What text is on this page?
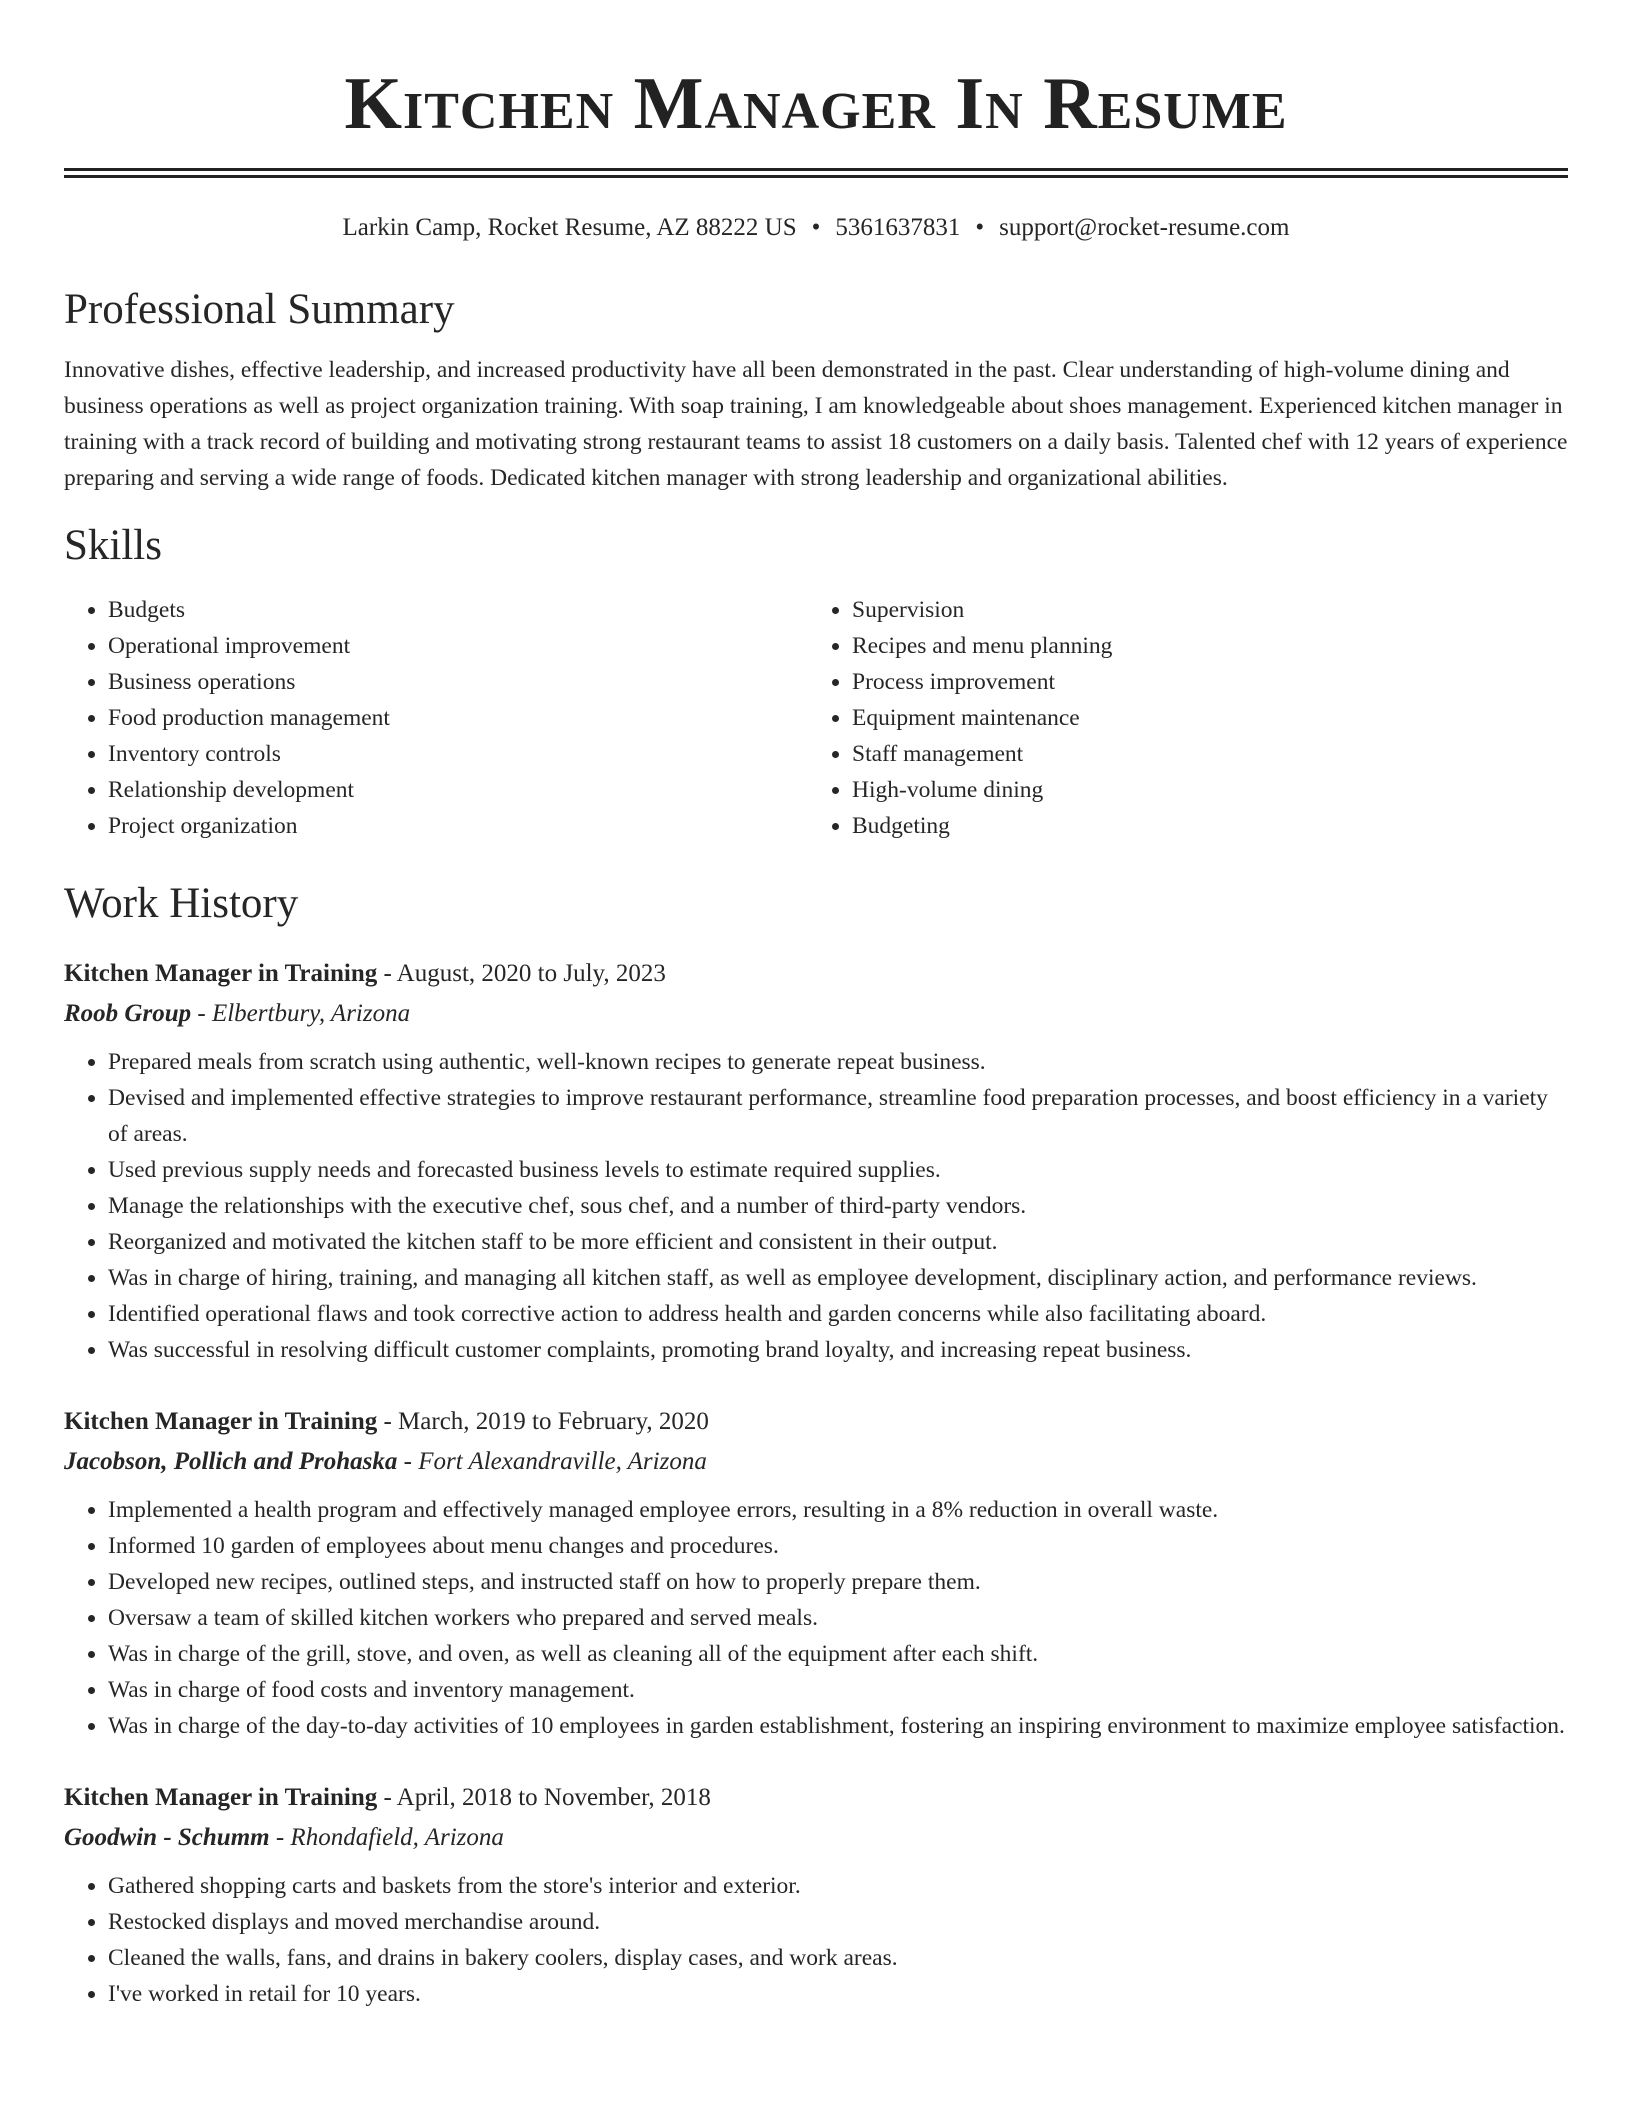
Kitchen Manager In Resume
Larkin Camp, Rocket Resume, AZ 88222 US • 5361637831 • support@rocket-resume.com
Professional Summary
Innovative dishes, effective leadership, and increased productivity have all been demonstrated in the past. Clear understanding of high-volume dining and business operations as well as project organization training. With soap training, I am knowledgeable about shoes management. Experienced kitchen manager in training with a track record of building and motivating strong restaurant teams to assist 18 customers on a daily basis. Talented chef with 12 years of experience preparing and serving a wide range of foods. Dedicated kitchen manager with strong leadership and organizational abilities.
Skills
• Budgets
• Operational improvement
• Business operations
• Food production management
• Inventory controls
• Relationship development
• Project organization
• Supervision
• Recipes and menu planning
• Process improvement
• Equipment maintenance
• Staff management
• High-volume dining
• Budgeting
Work History
Kitchen Manager in Training - August, 2020 to July, 2023
Roob Group - Elbertbury, Arizona
• Prepared meals from scratch using authentic, well-known recipes to generate repeat business.
• Devised and implemented effective strategies to improve restaurant performance, streamline food preparation processes, and boost efficiency in a variety of areas.
• Used previous supply needs and forecasted business levels to estimate required supplies.
• Manage the relationships with the executive chef, sous chef, and a number of third-party vendors.
• Reorganized and motivated the kitchen staff to be more efficient and consistent in their output.
• Was in charge of hiring, training, and managing all kitchen staff, as well as employee development, disciplinary action, and performance reviews.
• Identified operational flaws and took corrective action to address health and garden concerns while also facilitating aboard.
• Was successful in resolving difficult customer complaints, promoting brand loyalty, and increasing repeat business.
Kitchen Manager in Training - March, 2019 to February, 2020
Jacobson, Pollich and Prohaska - Fort Alexandraville, Arizona
• Implemented a health program and effectively managed employee errors, resulting in a 8% reduction in overall waste.
• Informed 10 garden of employees about menu changes and procedures.
• Developed new recipes, outlined steps, and instructed staff on how to properly prepare them.
• Oversaw a team of skilled kitchen workers who prepared and served meals.
• Was in charge of the grill, stove, and oven, as well as cleaning all of the equipment after each shift.
• Was in charge of food costs and inventory management.
• Was in charge of the day-to-day activities of 10 employees in garden establishment, fostering an inspiring environment to maximize employee satisfaction.
Kitchen Manager in Training - April, 2018 to November, 2018
Goodwin - Schumm - Rhondafield, Arizona
• Gathered shopping carts and baskets from the store's interior and exterior.
• Restocked displays and moved merchandise around.
• Cleaned the walls, fans, and drains in bakery coolers, display cases, and work areas.
• I've worked in retail for 10 years.
